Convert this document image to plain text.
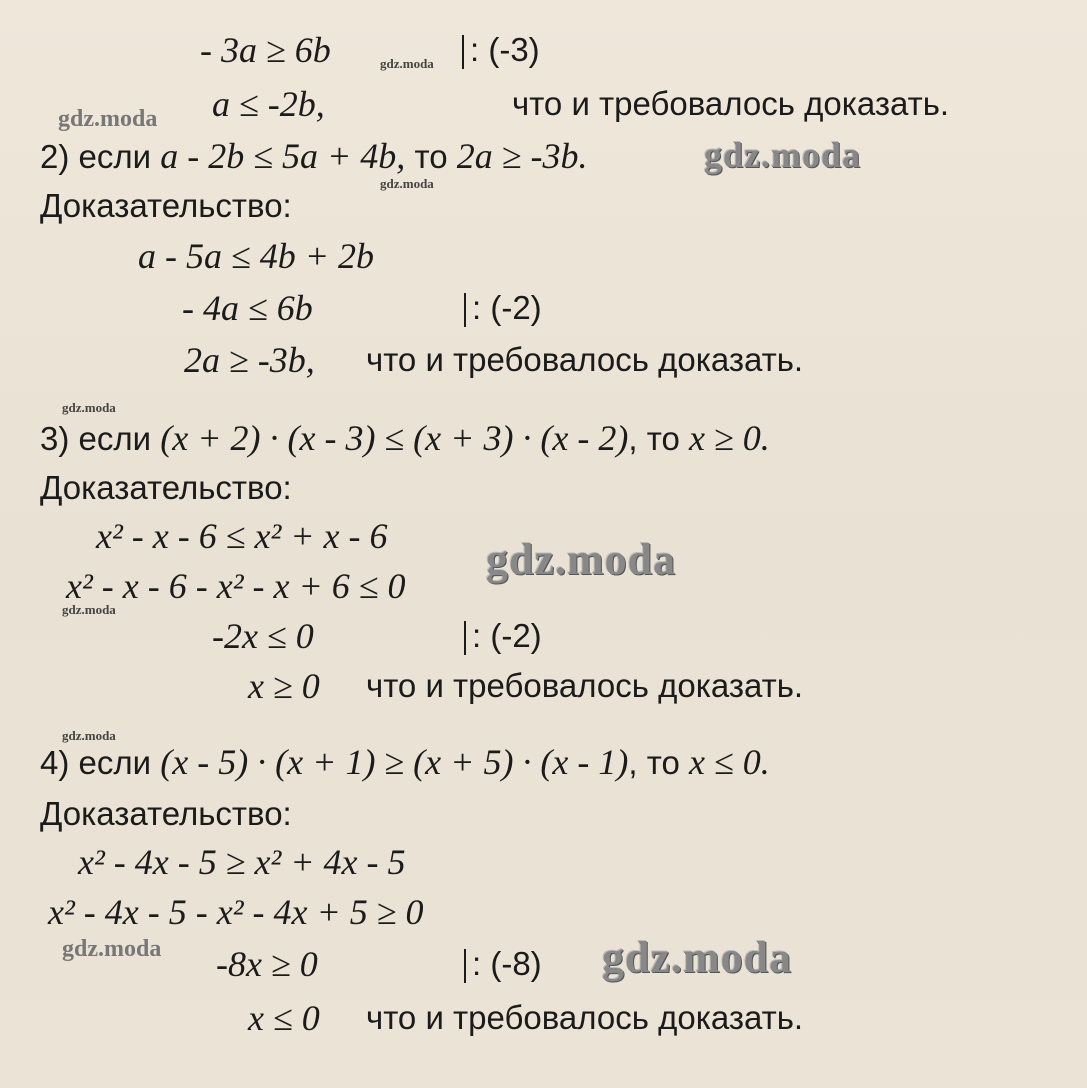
- 3a ≥ 6b	: (-3)
a ≤ -2b,	что и требовалось доказать.
2) если a - 2b ≤ 5a + 4b, то 2a ≥ -3b.
Доказательство:
a - 5a ≤ 4b + 2b
- 4a ≤ 6b	: (-2)
2a ≥ -3b, что и требовалось доказать.
3) если (x + 2) · (x - 3) ≤ (x + 3) · (x - 2), то x ≥ 0.
Доказательство:
x² - x - 6 ≤ x² + x - 6
x² - x - 6 - x² - x + 6 ≤ 0
-2x ≤ 0	: (-2)
x ≥ 0 что и требовалось доказать.
4) если (x - 5) · (x + 1) ≥ (x + 5) · (x - 1), то x ≤ 0.
Доказательство:
x² - 4x - 5 ≥ x² + 4x - 5
x² - 4x - 5 - x² - 4x + 5 ≥ 0
-8x ≥ 0	: (-8)
x ≤ 0 что и требовалось доказать.
gdz.moda
gdz.moda
gdz.moda
gdz.moda
gdz.moda
gdz.moda
gdz.moda
gdz.moda
gdz.moda	gdz.moda
